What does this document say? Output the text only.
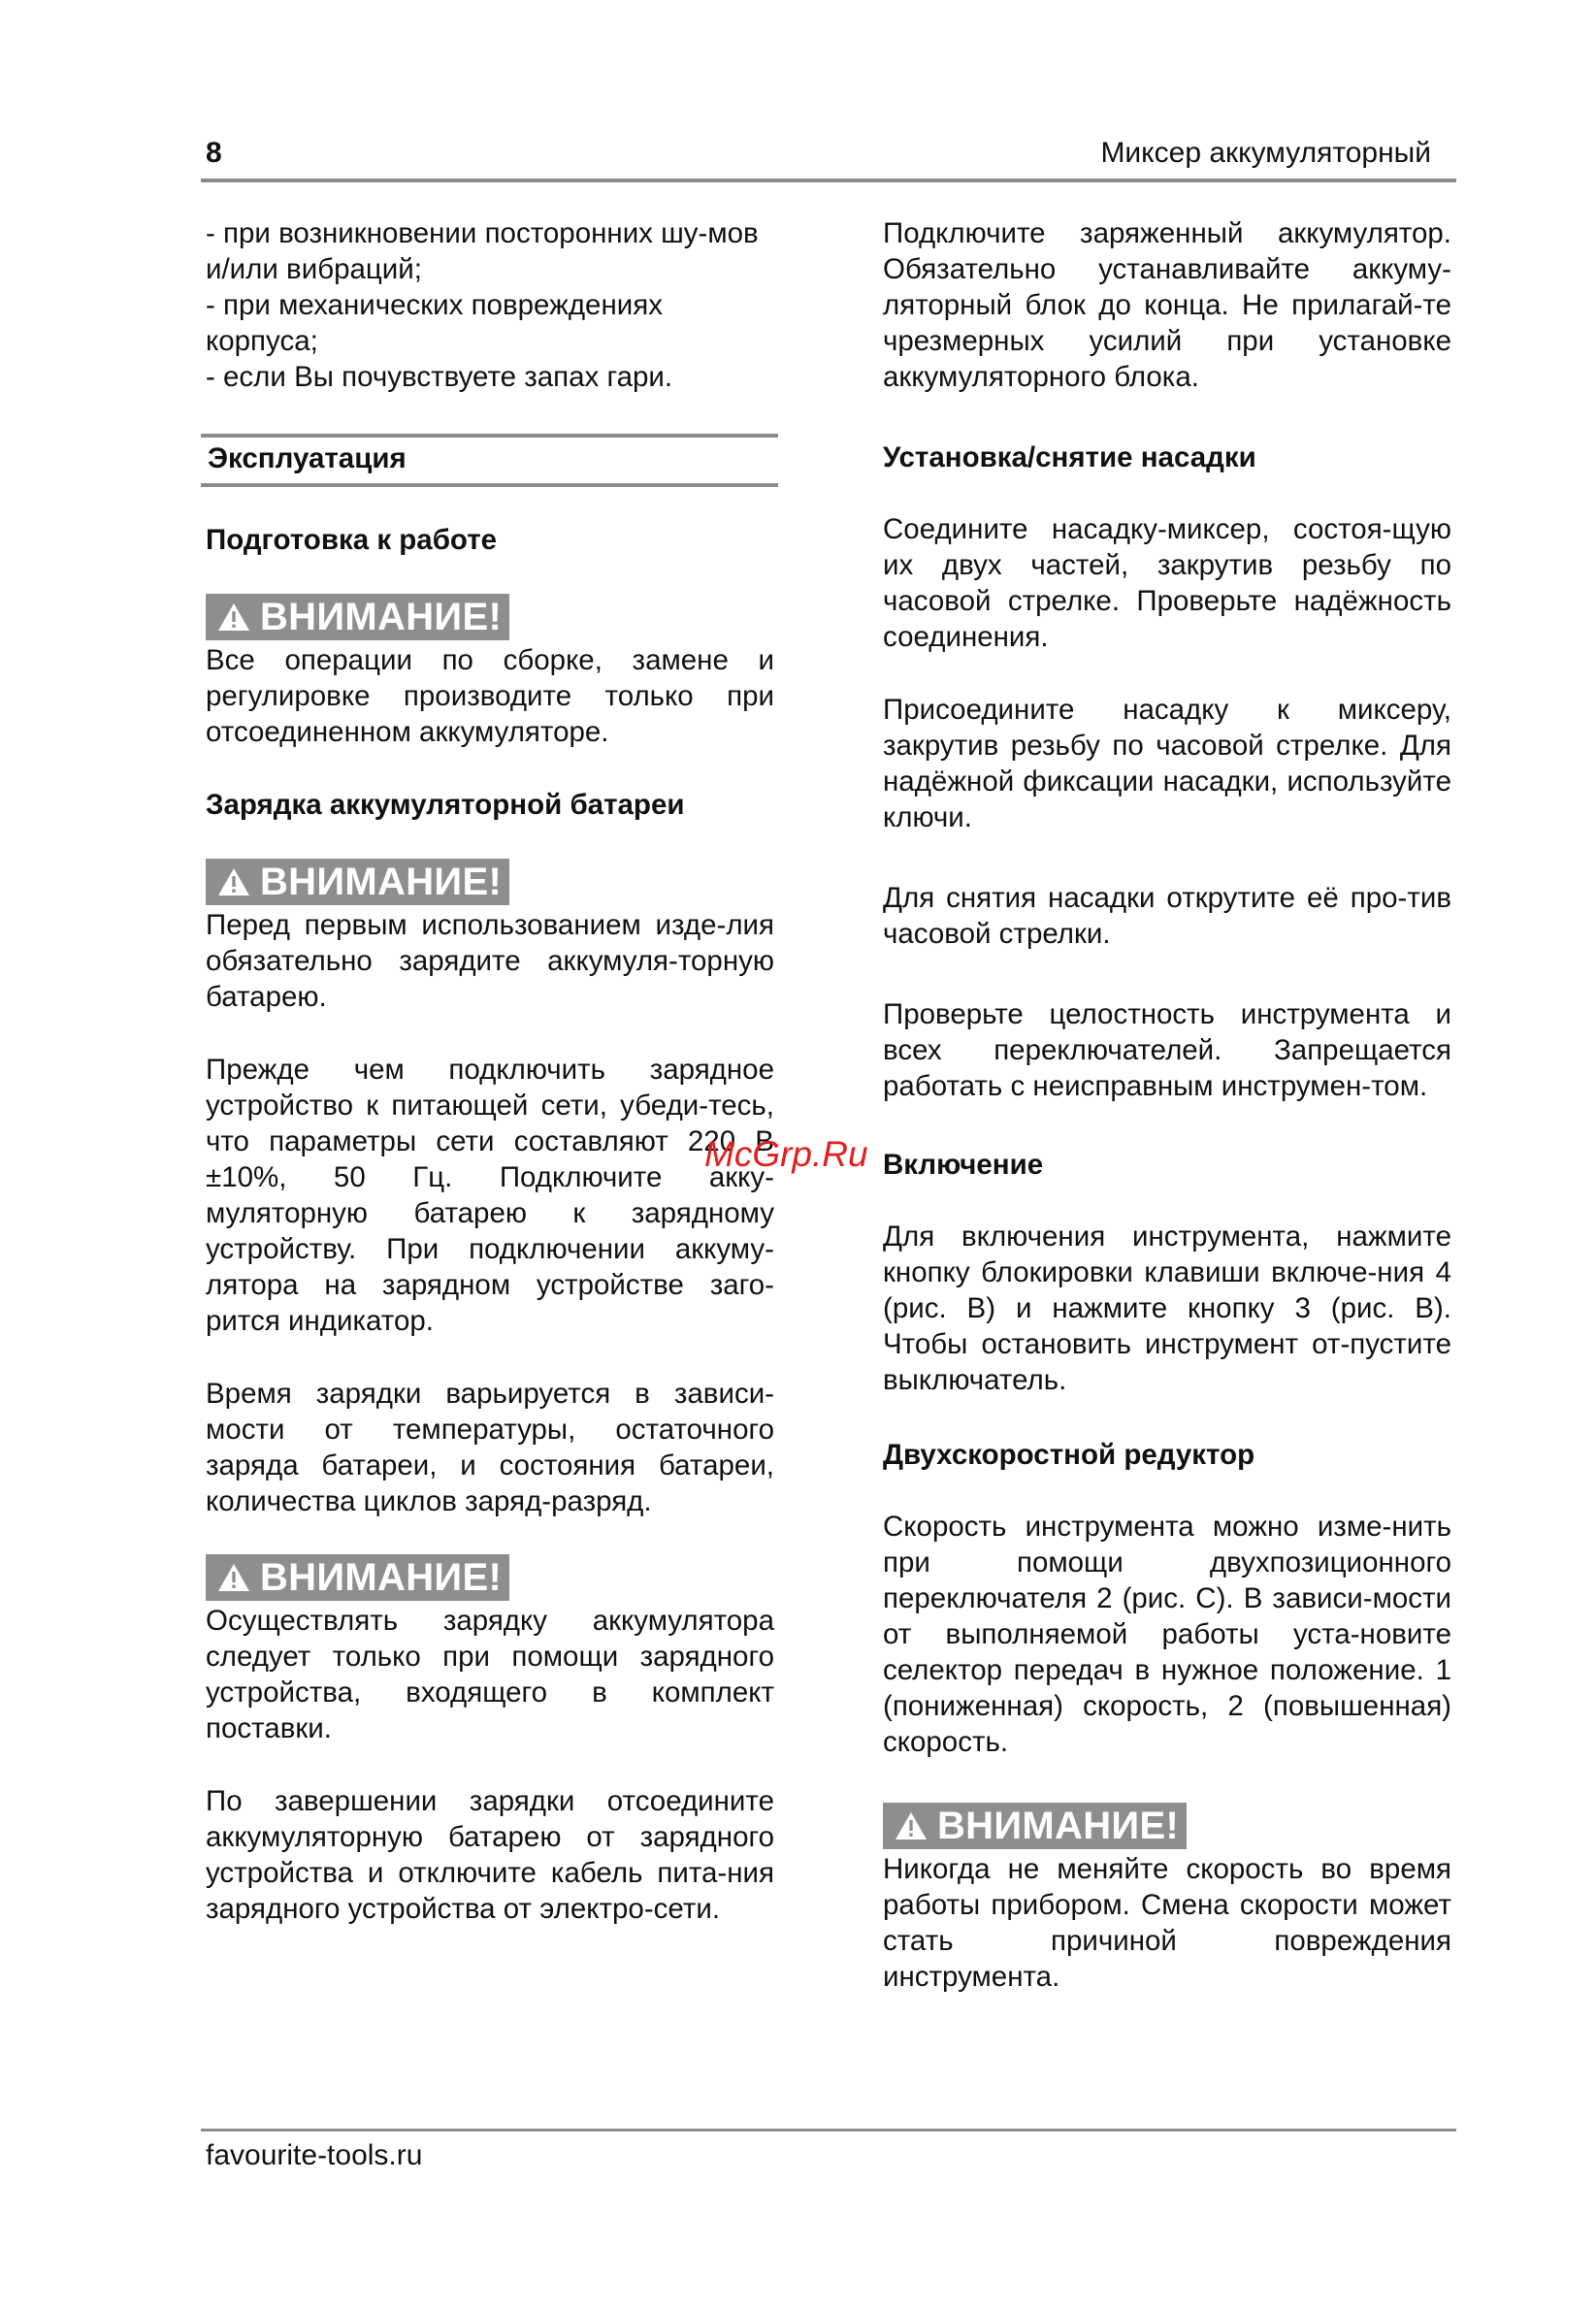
8	Миксер аккумуляторный

- при возникновении посторонних шу-мов и/или вибраций;

- при механических повреждениях корпуса;

- если Вы почувствуете запах гари.

Эксплуатация

Подготовка к работе

ВНИМАНИЕ!

Все операции по сборке, замене и регулировке производите только при отсоединенном аккумуляторе.

Зарядка аккумуляторной батареи

ВНИМАНИЕ!

Перед первым использованием изде-лия обязательно зарядите аккумуля-торную батарею.

Прежде чем подключить зарядное устройство к питающей сети, убеди-тесь, что параметры сети составляют 220 В ±10%, 50 Гц. Подключите акку-муляторную батарею к зарядному устройству. При подключении аккуму-лятора на зарядном устройстве заго-рится индикатор.

Время зарядки варьируется в зависи-мости от температуры, остаточного заряда батареи, и состояния батареи, количества циклов заряд-разряд.

ВНИМАНИЕ!

Осуществлять зарядку аккумулятора следует только при помощи зарядного устройства, входящего в комплект поставки.

По завершении зарядки отсоедините аккумуляторную батарею от зарядного устройства и отключите кабель пита-ния зарядного устройства от электро-сети.

Подключите заряженный аккумулятор. Обязательно устанавливайте аккуму-ляторный блок до конца. Не прилагай-те чрезмерных усилий при установке аккумуляторного блока.

Установка/снятие насадки

Соедините насадку-миксер, состоя-щую их двух частей, закрутив резьбу по часовой стрелке. Проверьте надёжность соединения.

Присоедините насадку к миксеру, закрутив резьбу по часовой стрелке. Для надёжной фиксации насадки, используйте ключи.

Для снятия насадки открутите её про-тив часовой стрелки.

Проверьте целостность инструмента и всех переключателей. Запрещается работать с неисправным инструмен-том.

Включение

Для включения инструмента, нажмите кнопку блокировки клавиши включе-ния 4 (рис. В) и нажмите кнопку 3 (рис. В). Чтобы остановить инструмент от-пустите выключатель.

Двухскоростной редуктор

Скорость инструмента можно изме-нить при помощи двухпозиционного переключателя 2 (рис. С). В зависи-мости от выполняемой работы уста-новите селектор передач в нужное положение. 1 (пониженная) скорость, 2 (повышенная) скорость.

ВНИМАНИЕ!

Никогда не меняйте скорость во время работы прибором. Смена скорости может стать причиной повреждения инструмента.

McGrp.Ru
favourite-tools.ru
